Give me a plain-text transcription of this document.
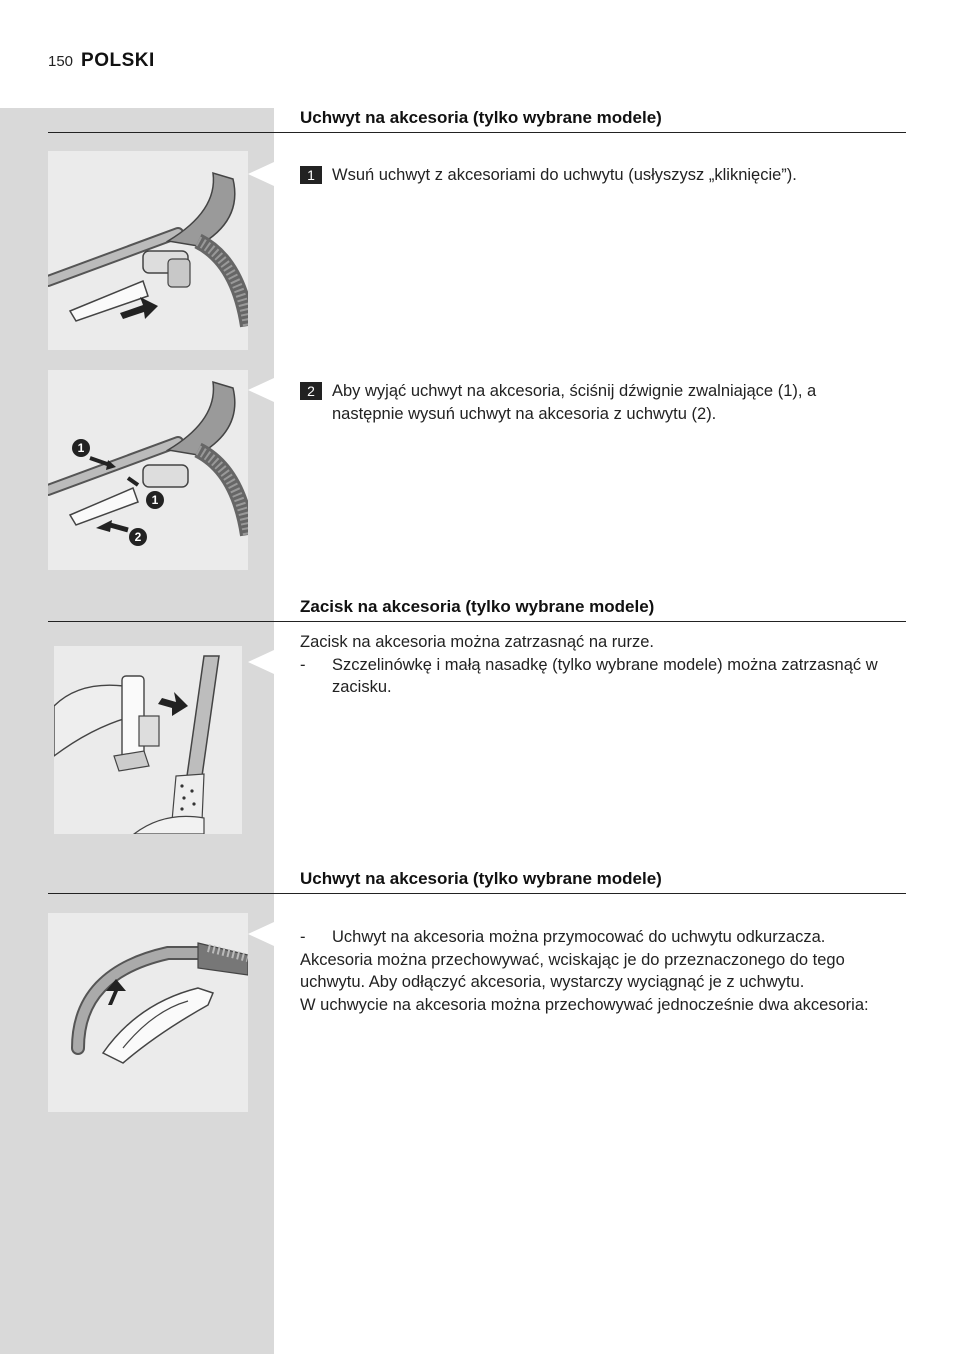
150 POLSKI
Uchwyt na akcesoria (tylko wybrane modele)
1	Wsuń uchwyt z akcesoriami do uchwytu (usłyszysz „kliknięcie”).
1
1
2
2	Aby wyjąć uchwyt na akcesoria, ściśnij dźwignie zwalniające (1), a następnie wysuń uchwyt na akcesoria z uchwytu (2).
Zacisk na akcesoria (tylko wybrane modele)
Zacisk na akcesoria można zatrzasnąć na rurze.
-	Szczelinówkę i małą nasadkę (tylko wybrane modele) można zatrzasnąć w zacisku.
Uchwyt na akcesoria (tylko wybrane modele)
-	Uchwyt na akcesoria można przymocować do uchwytu odkurzacza.
Akcesoria można przechowywać, wciskając je do przeznaczonego do tego uchwytu. Aby odłączyć akcesoria, wystarczy wyciągnąć je z uchwytu.
W uchwycie na akcesoria można przechowywać jednocześnie dwa akcesoria:
